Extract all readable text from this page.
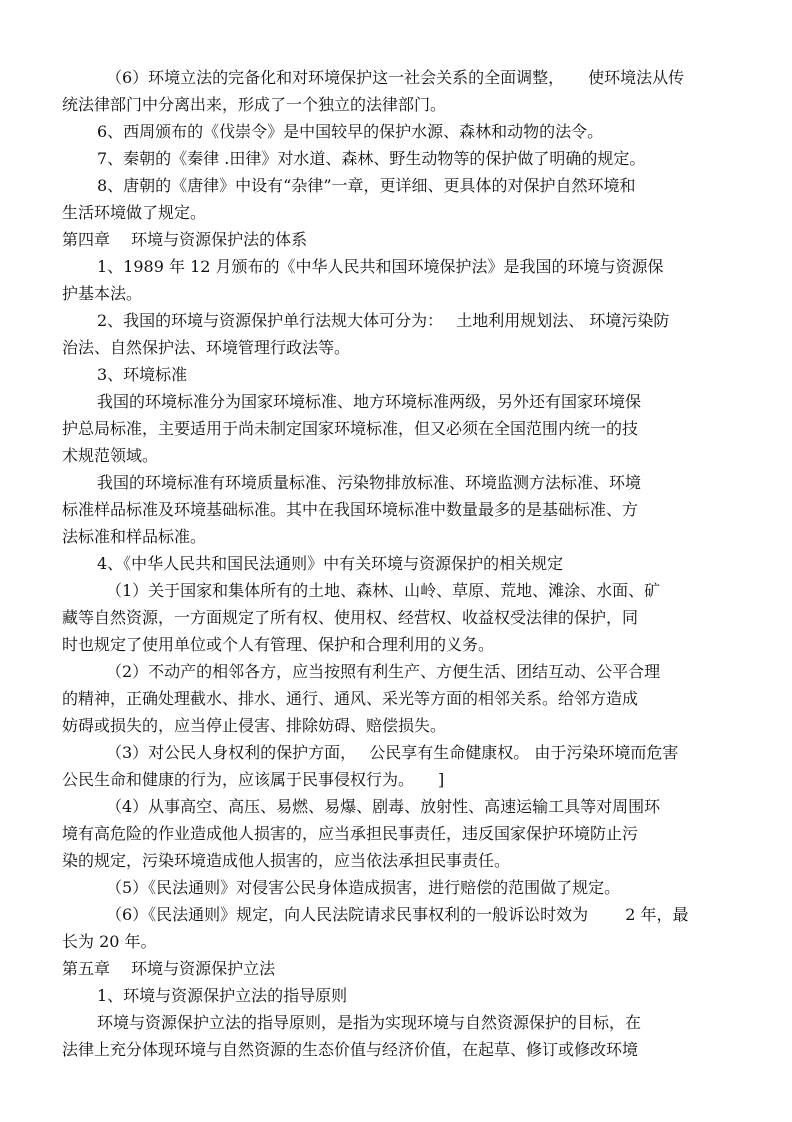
（6）环境立法的完备化和对环境保护这一社会关系的全面调整，　　使环境法从传
统法律部门中分离出来，形成了一个独立的法律部门。
6、西周颁布的《伐崇令》是中国较早的保护水源、森林和动物的法令。
7、秦朝的《秦律 .田律》对水道、森林、野生动物等的保护做了明确的规定。
8、唐朝的《唐律》中设有“杂律”一章，更详细、更具体的对保护自然环境和
生活环境做了规定。
第四章　 环境与资源保护法的体系
1、1989 年 12 月颁布的《中华人民共和国环境保护法》是我国的环境与资源保
护基本法。
2、我国的环境与资源保护单行法规大体可分为：　 土地利用规划法、 环境污染防
治法、自然保护法、环境管理行政法等。
3、环境标准
我国的环境标准分为国家环境标准、地方环境标准两级，另外还有国家环境保
护总局标准，主要适用于尚未制定国家环境标准，但又必须在全国范围内统一的技
术规范领域。
我国的环境标准有环境质量标准、污染物排放标准、环境监测方法标准、环境
标准样品标准及环境基础标准。其中在我国环境标准中数量最多的是基础标准、方
法标准和样品标准。
4、《中华人民共和国民法通则》中有关环境与资源保护的相关规定
（1）关于国家和集体所有的土地、森林、山岭、草原、荒地、滩涂、水面、矿
藏等自然资源，一方面规定了所有权、使用权、经营权、收益权受法律的保护，同
时也规定了使用单位或个人有管理、保护和合理利用的义务。
（2）不动产的相邻各方，应当按照有利生产、方便生活、团结互动、公平合理
的精神，正确处理截水、排水、通行、通风、采光等方面的相邻关系。给邻方造成
妨碍或损失的，应当停止侵害、排除妨碍、赔偿损失。
（3）对公民人身权利的保护方面，　 公民享有生命健康权。 由于污染环境而危害
公民生命和健康的行为，应该属于民事侵权行为。　　]
（4）从事高空、高压、易燃、易爆、剧毒、放射性、高速运输工具等对周围环
境有高危险的作业造成他人损害的，应当承担民事责任，违反国家保护环境防止污
染的规定，污染环境造成他人损害的，应当依法承担民事责任。
（5）《民法通则》对侵害公民身体造成损害，进行赔偿的范围做了规定。
（6）《民法通则》规定，向人民法院请求民事权利的一般诉讼时效为　　 2 年，最
长为 20 年。
第五章　 环境与资源保护立法
1、环境与资源保护立法的指导原则
环境与资源保护立法的指导原则，是指为实现环境与自然资源保护的目标，在
法律上充分体现环境与自然资源的生态价值与经济价值，在起草、修订或修改环境
